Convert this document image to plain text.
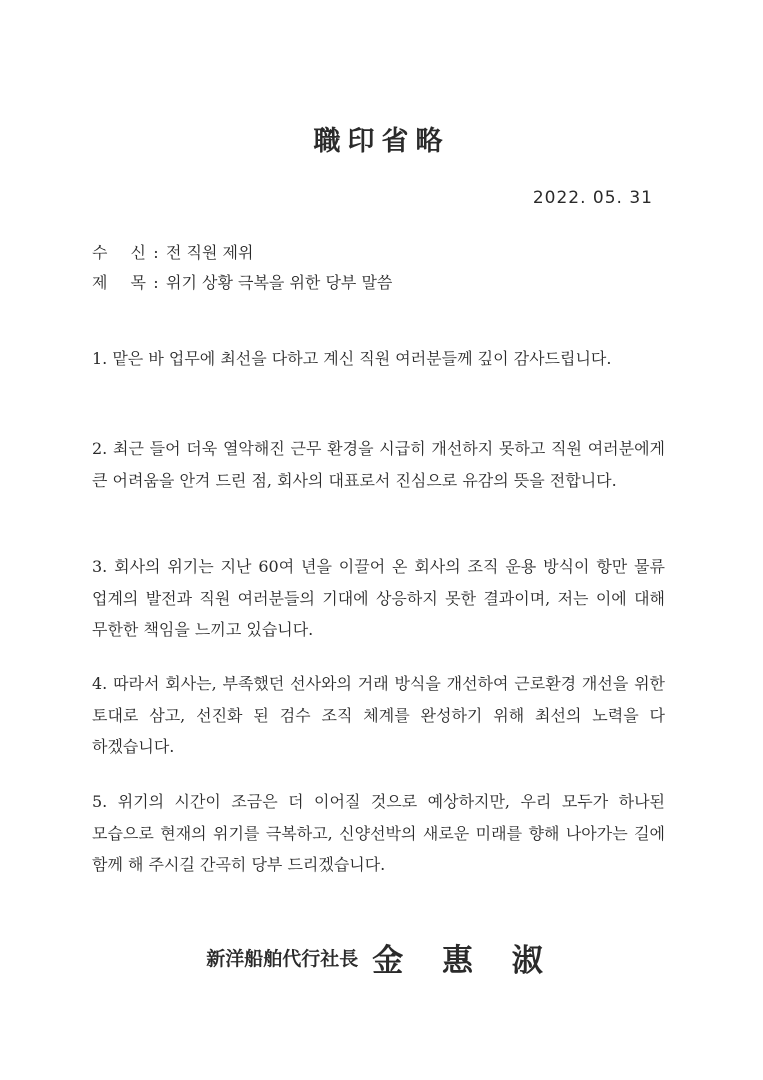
職印省略
2022. 05. 31
수 신 : 전 직원 제위
제 목 : 위기 상황 극복을 위한 당부 말씀

1. 맡은 바 업무에 최선을 다하고 계신 직원 여러분들께 깊이 감사드립니다.

2. 최근 들어 더욱 열악해진 근무 환경을 시급히 개선하지 못하고 직원 여러분에게 큰 어려움을 안겨 드린 점, 회사의 대표로서 진심으로 유감의 뜻을 전합니다.

3. 회사의 위기는 지난 60여 년을 이끌어 온 회사의 조직 운용 방식이 항만 물류 업계의 발전과 직원 여러분들의 기대에 상응하지 못한 결과이며, 저는 이에 대해 무한한 책임을 느끼고 있습니다.

4. 따라서 회사는, 부족했던 선사와의 거래 방식을 개선하여 근로환경 개선을 위한 토대로 삼고, 선진화 된 검수 조직 체계를 완성하기 위해 최선의 노력을 다 하겠습니다.

5. 위기의 시간이 조금은 더 이어질 것으로 예상하지만, 우리 모두가 하나된 모습으로 현재의 위기를 극복하고, 신양선박의 새로운 미래를 향해 나아가는 길에 함께 해 주시길 간곡히 당부 드리겠습니다.

新洋船舶代行社長 金 惠 淑
